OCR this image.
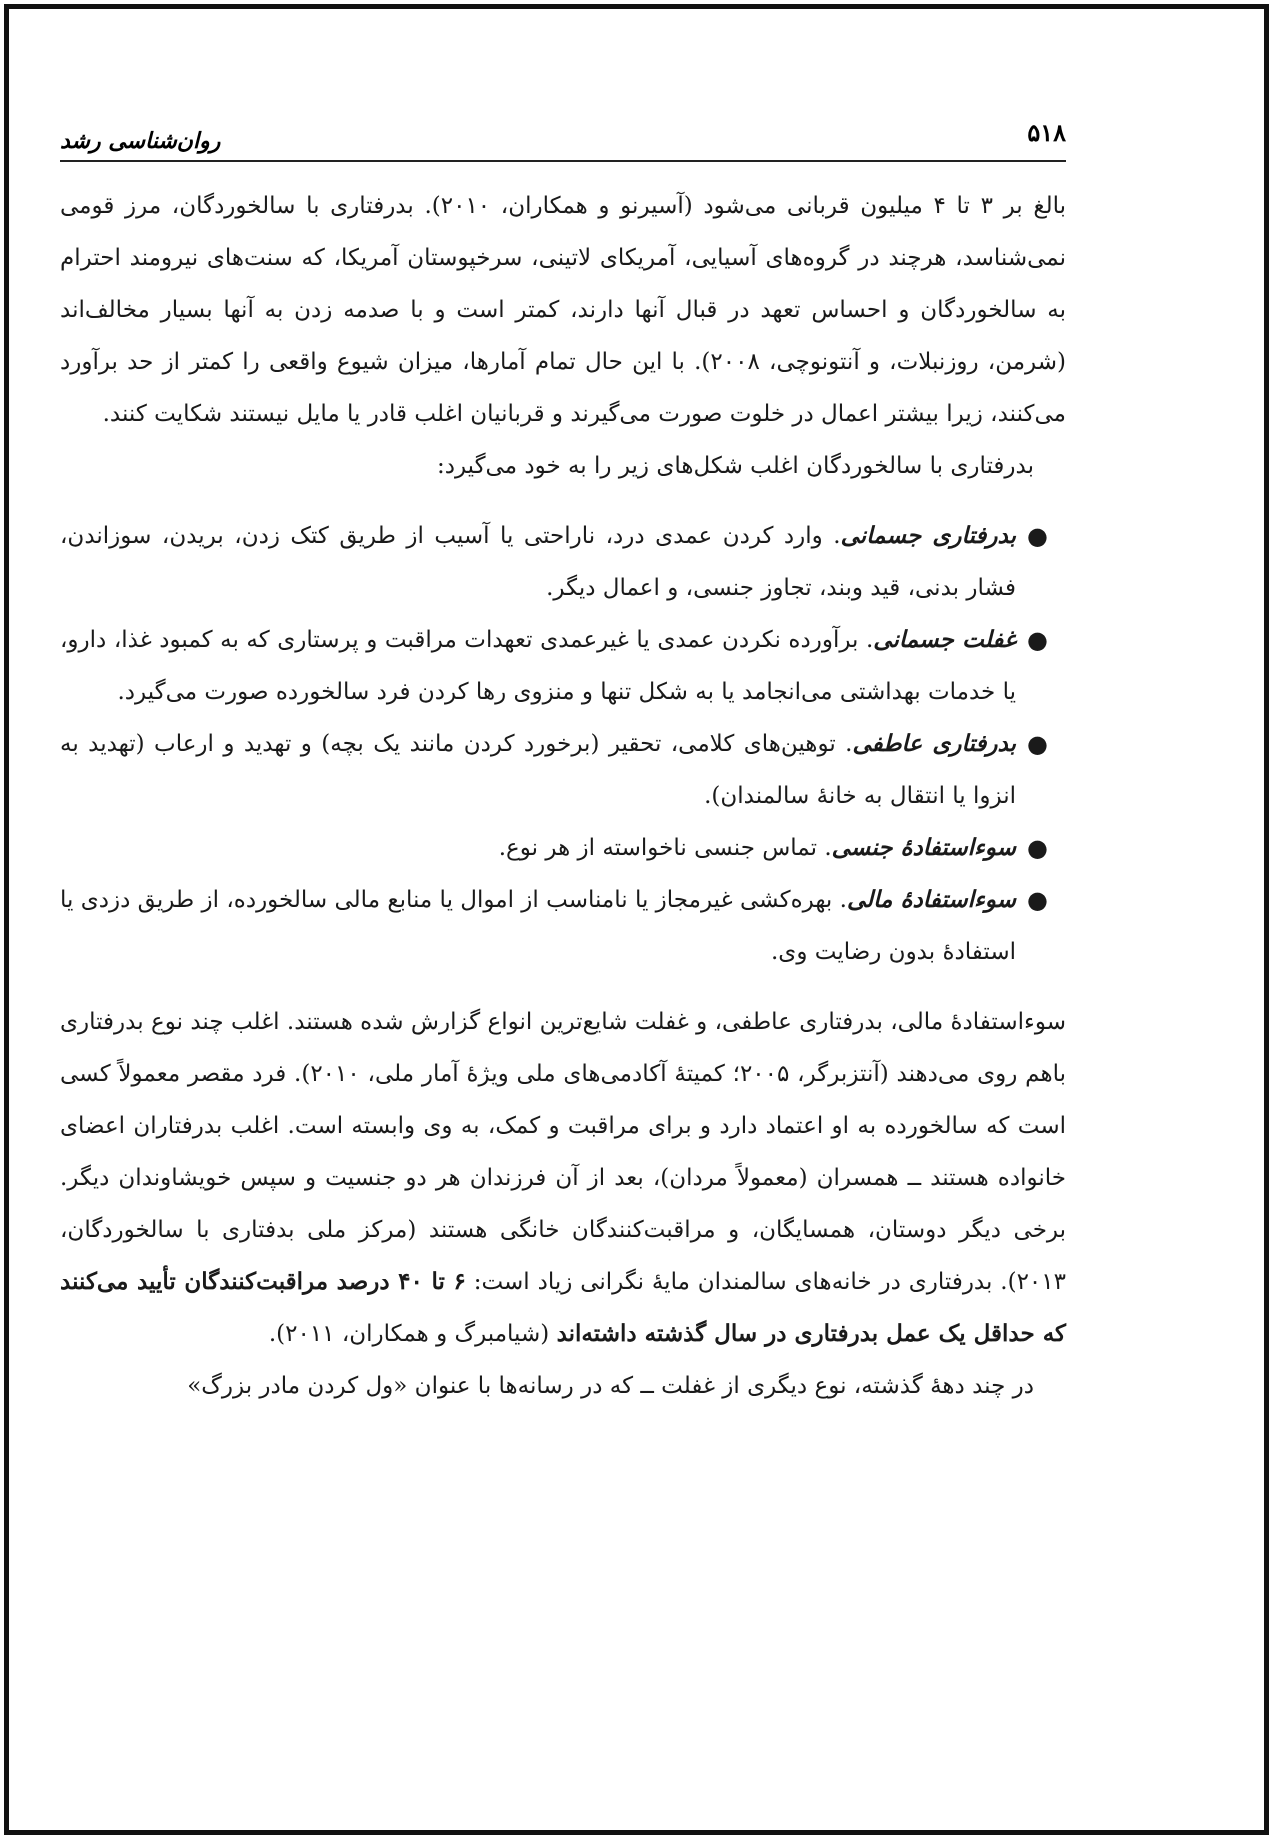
۵۱۸
روان‌شناسی رشد

بالغ بر ۳ تا ۴ میلیون قربانی می‌شود (آسیرنو و همکاران، ۲۰۱۰). بدرفتاری با سالخوردگان، مرز قومی نمی‌شناسد، هرچند در گروه‌های آسیایی، آمریکای لاتینی، سرخپوستان آمریکا، که سنت‌های نیرومند احترام به سالخوردگان و احساس تعهد در قبال آنها دارند، کمتر است و با صدمه زدن به آنها بسیار مخالف‌اند (شرمن، روزنبلات، و آنتونوچی، ۲۰۰۸). با این حال تمام آمارها، میزان شیوع واقعی را کمتر از حد برآورد می‌کنند، زیرا بیشتر اعمال در خلوت صورت می‌گیرند و قربانیان اغلب قادر یا مایل نیستند شکایت کنند.

بدرفتاری با سالخوردگان اغلب شکل‌های زیر را به خود می‌گیرد:

●
بدرفتاری جسمانی. وارد کردن عمدی درد، ناراحتی یا آسیب از طریق کتک زدن، بریدن، سوزاندن، فشار بدنی، قید وبند، تجاوز جنسی، و اعمال دیگر.
●
غفلت جسمانی. برآورده نکردن عمدی یا غیرعمدی تعهدات مراقبت و پرستاری که به کمبود غذا، دارو، یا خدمات بهداشتی می‌انجامد یا به شکل تنها و منزوی رها کردن فرد سالخورده صورت می‌گیرد.
●
بدرفتاری عاطفی. توهین‌های کلامی، تحقیر (برخورد کردن مانند یک بچه) و تهدید و ارعاب (تهدید به انزوا یا انتقال به خانهٔ سالمندان).
●
سوءاستفادهٔ جنسی. تماس جنسی ناخواسته از هر نوع.
●
سوءاستفادهٔ مالی. بهره‌کشی غیرمجاز یا نامناسب از اموال یا منابع مالی سالخورده، از طریق دزدی یا استفادهٔ بدون رضایت وی.

سوءاستفادهٔ مالی، بدرفتاری عاطفی، و غفلت شایع‌ترین انواع گزارش شده هستند. اغلب چند نوع بدرفتاری باهم روی می‌دهند (آنتزبرگر، ۲۰۰۵؛ کمیتهٔ آکادمی‌های ملی ویژهٔ آمار ملی، ۲۰۱۰). فرد مقصر معمولاً کسی است که سالخورده به او اعتماد دارد و برای مراقبت و کمک، به وی وابسته است. اغلب بدرفتاران اعضای خانواده هستند ــ همسران (معمولاً مردان)، بعد از آن فرزندان هر دو جنسیت و سپس خویشاوندان دیگر. برخی دیگر دوستان، همسایگان، و مراقبت‌کنندگان خانگی هستند (مرکز ملی بدفتاری با سالخوردگان، ۲۰۱۳). بدرفتاری در خانه‌های سالمندان مایهٔ نگرانی زیاد است: ۶ تا ۴۰ درصد مراقبت‌کنندگان تأیید می‌کنند که حداقل یک عمل بدرفتاری در سال گذشته داشته‌اند (شیامبرگ و همکاران، ۲۰۱۱).

در چند دههٔ گذشته، نوع دیگری از غفلت ــ که در رسانه‌ها با عنوان «ول کردن مادر بزرگ»
